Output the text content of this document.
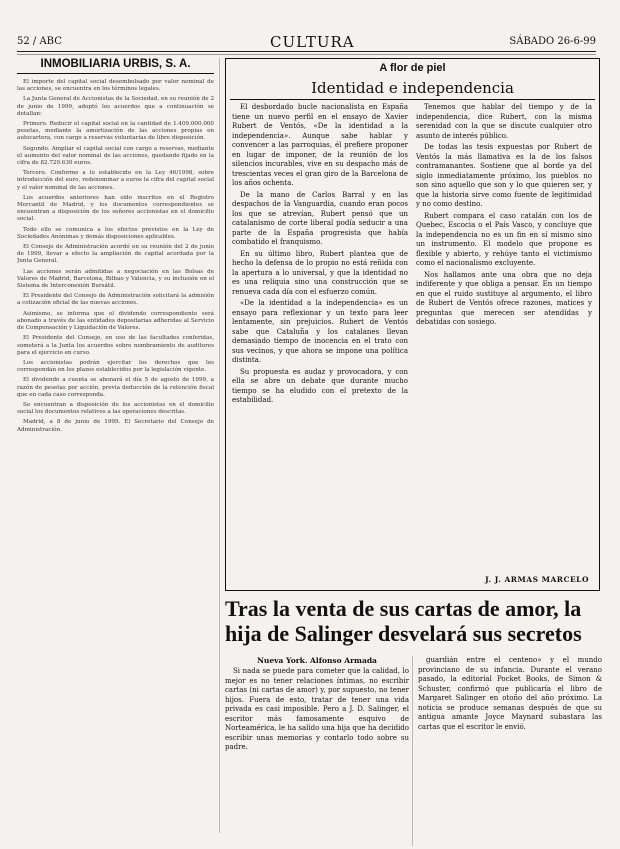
52 / ABC	CULTURA	SÁBADO 26-6-99
INMOBILIARIA URBIS, S. A.

El importe del capital social desembolsado por valor nominal de las acciones, se encuentra en los términos legales.

La Junta General de Accionistas de la Sociedad, en su reunión de 2 de junio de 1999, adoptó los acuerdos que a continuación se detallan:

Primero. Reducir el capital social en la cantidad de 1.409.000.000 pesetas, mediante la amortización de las acciones propias en autocartera, con cargo a reservas voluntarias de libre disposición.

Segundo. Ampliar el capital social con cargo a reservas, mediante el aumento del valor nominal de las acciones, quedando fijado en la cifra de 82.729.630 euros.

Tercero. Conforme a lo establecido en la Ley 46/1998, sobre introducción del euro, redenominar a euros la cifra del capital social y el valor nominal de las acciones.

Los acuerdos anteriores han sido inscritos en el Registro Mercantil de Madrid, y los documentos correspondientes se encuentran a disposición de los señores accionistas en el domicilio social.

Todo ello se comunica a los efectos previstos en la Ley de Sociedades Anónimas y demás disposiciones aplicables.

El Consejo de Administración acordó en su reunión del 2 de junio de 1999, llevar a efecto la ampliación de capital acordada por la Junta General.

Las acciones serán admitidas a negociación en las Bolsas de Valores de Madrid, Barcelona, Bilbao y Valencia, y su inclusión en el Sistema de Interconexión Bursátil.

El Presidente del Consejo de Administración solicitará la admisión a cotización oficial de las nuevas acciones.

Asimismo, se informa que el dividendo correspondiente será abonado a través de las entidades depositarias adheridas al Servicio de Compensación y Liquidación de Valores.

El Presidente del Consejo, en uso de las facultades conferidas, someterá a la Junta los acuerdos sobre nombramiento de auditores para el ejercicio en curso.

Los accionistas podrán ejercitar los derechos que les correspondan en los plazos establecidos por la legislación vigente.

El dividendo a cuenta se abonará el día 5 de agosto de 1999, a razón de pesetas por acción, previa deducción de la retención fiscal que en cada caso corresponda.

Se encuentran a disposición de los accionistas en el domicilio social los documentos relativos a las operaciones descritas.

Madrid, a 8 de junio de 1999. El Secretario del Consejo de Administración.

A flor de piel
Identidad e independencia

El desbordado bucle nacionalista en España tiene un nuevo perfil en el ensayo de Xavier Rubert de Ventós, «De la identidad a la independencia». Aunque sabe hablar y convencer a las parroquias, él prefiere proponer en lugar de imponer, de la reunión de los silencios incurables, vive en su despacho más de trescientas veces el gran giro de la Barcelona de los años ochenta.

De la mano de Carlos Barral y en las despachos de la Vanguardia, cuando eran pocos los que se atrevían, Rubert pensó que un catalanismo de corte liberal podía seducir a una parte de la España progresista que había combatido el franquismo.

En su último libro, Rubert plantea que de hecho la defensa de lo propio no está reñida con la apertura a lo universal, y que la identidad no es una reliquia sino una construcción que se renueva cada día con el esfuerzo común.

«De la identidad a la independencia» es un ensayo para reflexionar y un texto para leer lentamente, sin prejuicios. Rubert de Ventós sabe que Cataluña y los catalanes llevan demasiado tiempo de inocencia en el trato con sus vecinos, y que ahora se impone una política distinta.

Su propuesta es audaz y provocadora, y con ella se abre un debate que durante mucho tiempo se ha eludido con el pretexto de la estabilidad.

Tenemos que hablar del tiempo y de la independencia, dice Rubert, con la misma serenidad con la que se discute cualquier otro asunto de interés público.

De todas las tesis expuestas por Rubert de Ventós la más llamativa es la de los falsos contramanantes. Sostiene que al borde ya del siglo inmediatamente próximo, los pueblos no son sino aquello que son y lo que quieren ser, y que la historia sirve como fuente de legitimidad y no como destino.

Rubert compara el caso catalán con los de Quebec, Escocia o el País Vasco, y concluye que la independencia no es un fin en sí mismo sino un instrumento. El modelo que propone es flexible y abierto, y rehúye tanto el victimismo como el nacionalismo excluyente.

Nos hallamos ante una obra que no deja indiferente y que obliga a pensar. En un tiempo en que el ruido sustituye al argumento, el libro de Rubert de Ventós ofrece razones, matices y preguntas que merecen ser atendidas y debatidas con sosiego.

J. J. ARMAS MARCELO
Tras la venta de sus cartas de amor, la hija de Salinger desvelará sus secretos
Nueva York. Alfonso Armada

Si nada se puede para cometer que la calidad, lo mejor es no tener relaciones íntimas, no escribir cartas (ni cartas de amor) y, por supuesto, no tener hijos. Fuera de esto, tratar de tener una vida privada es casi imposible. Pero a J. D. Salinger, el escritor más famosamente esquivo de Norteamérica, le ha salido una hija que ha decidido escribir unas memorias y contarlo todo sobre su padre.

guardián entre el centeno» y el mundo provinciano de su infancia. Durante el verano pasado, la editorial Pocket Books, de Simon & Schuster, confirmó que publicaría el libro de Margaret Salinger en otoño del año próximo. La noticia se produce semanas después de que su antigua amante Joyce Maynard subastara las cartas que el escritor le envió.
